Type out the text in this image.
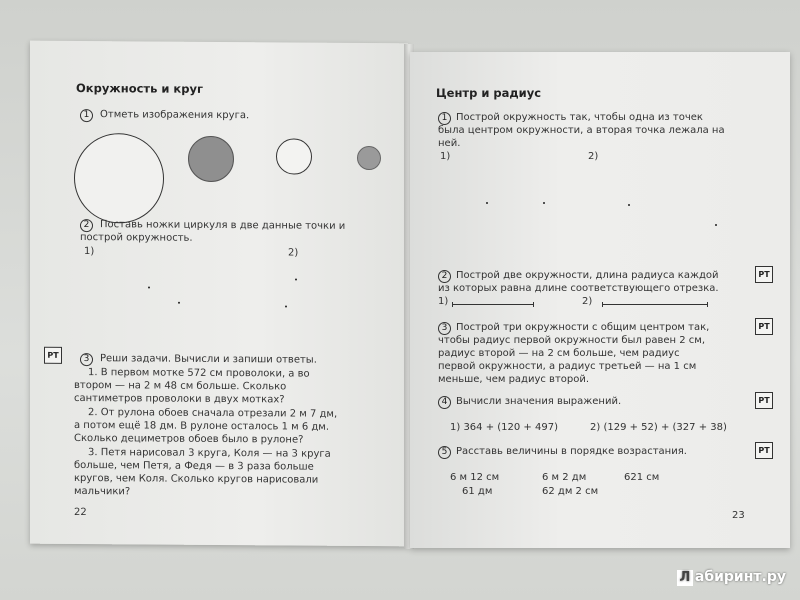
Окружность и круг
1	Отметь изображения круга.
2	Поставь ножки циркуля в две данные точки и
построй окружность.
1)	2)
РТ	3	Реши задачи. Вычисли и запиши ответы.
1. В первом мотке 572 см проволоки, а во
втором — на 2 м 48 см больше. Сколько
сантиметров проволоки в двух мотках?
2. От рулона обоев сначала отрезали 2 м 7 дм,
а потом ещё 18 дм. В рулоне осталось 1 м 6 дм.
Сколько дециметров обоев было в рулоне?
3. Петя нарисовал 3 круга, Коля — на 3 круга
больше, чем Петя, а Федя — в 3 раза больше
кругов, чем Коля. Сколько кругов нарисовали
мальчики?
22
Центр и радиус
1 Построй окружность так, чтобы одна из точек
была центром окружности, а вторая точка лежала на
ней.
1)	2)
РТ
2 Построй две окружности, длина радиуса каждой
из которых равна длине соответствующего отрезка.
1)	2)
РТ
3 Построй три окружности с общим центром так,
чтобы радиус первой окружности был равен 2 см,
радиус второй — на 2 см больше, чем радиус
первой окружности, а радиус третьей — на 1 см
меньше, чем радиус второй.
РТ
4 Вычисли значения выражений.
1) 364 + (120 + 497)	2) (129 + 52) + (327 + 38)
РТ
5 Расставь величины в порядке возрастания.
6 м 12 см	6 м 2 дм	621 см
61 дм	62 дм 2 см
23
Л абиринт.ру
